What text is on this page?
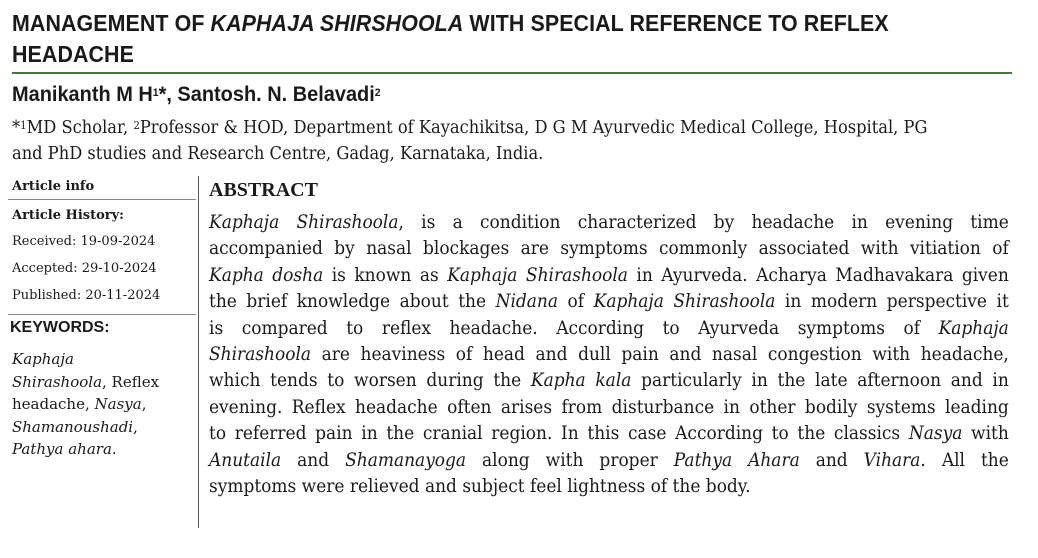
MANAGEMENT OF KAPHAJA SHIRSHOOLA WITH SPECIAL REFERENCE TO REFLEX
HEADACHE
Manikanth M $H^1*$, Santosh. N. Belavadi$^2$
*$^1$MD Scholar, $^2$Professor & HOD, Department of Kayachikitsa, D G M Ayurvedic Medical College, Hospital, PG
and PhD studies and Research Centre, Gadag, Karnataka, India.
Article info
Article History:
Received: 19-09-2024
Accepted: 29-10-2024
Published: 20-11-2024
KEYWORDS:
Kaphaja
Shirashoola, Reflex
headache, Nasya,
Shamanoushadi,
Pathya ahara.
ABSTRACT
Kaphaja Shirashoola, is a condition characterized by headache in evening time
accompanied by nasal blockages are symptoms commonly associated with vitiation of
Kapha dosha is known as Kaphaja Shirashoola in Ayurveda. Acharya Madhavakara given
the brief knowledge about the Nidana of Kaphaja Shirashoola in modern perspective it
is compared to reflex headache. According to Ayurveda symptoms of Kaphaja
Shirashoola are heaviness of head and dull pain and nasal congestion with headache,
which tends to worsen during the Kapha kala particularly in the late afternoon and in
evening. Reflex headache often arises from disturbance in other bodily systems leading
to referred pain in the cranial region. In this case According to the classics Nasya with
Anutaila and Shamanayoga along with proper Pathya Ahara and Vihara. All the
symptoms were relieved and subject feel lightness of the body.
